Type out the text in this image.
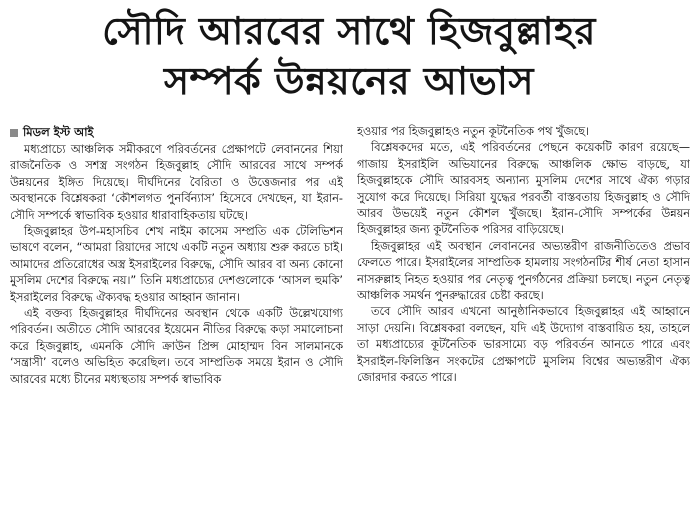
সৌদি আরবের সাথে হিজবুল্লাহর
সম্পর্ক উন্নয়নের আভাস
মিডল ইস্ট আই

মধ্যপ্রাচ্যে আঞ্চলিক সমীকরণে পরিবর্তনের প্রেক্ষাপটে লেবাননের শিয়া রাজনৈতিক ও সশস্ত্র সংগঠন হিজবুল্লাহ সৌদি আরবের সাথে সম্পর্ক উন্নয়নের ইঙ্গিত দিয়েছে। দীর্ঘদিনের বৈরিতা ও উত্তেজনার পর এই অবস্থানকে বিশ্লেষকরা ‘কৌশলগত পুনর্বিন্যাস’ হিসেবে দেখছেন, যা ইরান-সৌদি সম্পর্কে স্বাভাবিক হওয়ার ধারাবাহিকতায় ঘটছে।

হিজবুল্লাহর উপ-মহাসচিব শেখ নাইম কাসেম সম্প্রতি এক টেলিভিশন ভাষণে বলেন, “আমরা রিয়াদের সাথে একটি নতুন অধ্যায় শুরু করতে চাই। আমাদের প্রতিরোধের অস্ত্র ইসরাইলের বিরুদ্ধে, সৌদি আরব বা অন্য কোনো মুসলিম দেশের বিরুদ্ধে নয়।” তিনি মধ্যপ্রাচ্যের দেশগুলোকে ‘আসল হুমকি’ ইসরাইলের বিরুদ্ধে ঐক্যবদ্ধ হওয়ার আহ্বান জানান।

এই বক্তব্য হিজবুল্লাহর দীর্ঘদিনের অবস্থান থেকে একটি উল্লেখযোগ্য পরিবর্তন। অতীতে সৌদি আরবের ইয়েমেন নীতির বিরুদ্ধে কড়া সমালোচনা করে হিজবুল্লাহ, এমনকি সৌদি ক্রাউন প্রিন্স মোহাম্মদ বিন সালমানকে ‘সন্ত্রাসী’ বলেও অভিহিত করেছিল। তবে সাম্প্রতিক সময়ে ইরান ও সৌদি আরবের মধ্যে চীনের মধ্যস্থতায় সম্পর্ক স্বাভাবিক

হওয়ার পর হিজবুল্লাহও নতুন কূটনৈতিক পথ খুঁজছে।

বিশ্লেষকদের মতে, এই পরিবর্তনের পেছনে কয়েকটি কারণ রয়েছে— গাজায় ইসরাইলি অভিযানের বিরুদ্ধে আঞ্চলিক ক্ষোভ বাড়ছে, যা হিজবুল্লাহকে সৌদি আরবসহ অন্যান্য মুসলিম দেশের সাথে ঐক্য গড়ার সুযোগ করে দিয়েছে। সিরিয়া যুদ্ধের পরবর্তী বাস্তবতায় হিজবুল্লাহ ও সৌদি আরব উভয়েই নতুন কৌশল খুঁজছে। ইরান-সৌদি সম্পর্কের উন্নয়ন হিজবুল্লাহর জন্য কূটনৈতিক পরিসর বাড়িয়েছে।

হিজবুল্লাহর এই অবস্থান লেবাননের অভ্যন্তরীণ রাজনীতিতেও প্রভাব ফেলতে পারে। ইসরাইলের সাম্প্রতিক হামলায় সংগঠনটির শীর্ষ নেতা হাসান নাসরুল্লাহ নিহত হওয়ার পর নেতৃত্ব পুনর্গঠনের প্রক্রিয়া চলছে। নতুন নেতৃত্ব আঞ্চলিক সমর্থন পুনরুদ্ধারের চেষ্টা করছে।

তবে সৌদি আরব এখনো আনুষ্ঠানিকভাবে হিজবুল্লাহর এই আহ্বানে সাড়া দেয়নি। বিশ্লেষকরা বলছেন, যদি এই উদ্যোগ বাস্তবায়িত হয়, তাহলে তা মধ্যপ্রাচ্যের কূটনৈতিক ভারসাম্যে বড় পরিবর্তন আনতে পারে এবং ইসরাইল-ফিলিস্তিন সংকটের প্রেক্ষাপটে মুসলিম বিশ্বের অভ্যন্তরীণ ঐক্য জোরদার করতে পারে।
